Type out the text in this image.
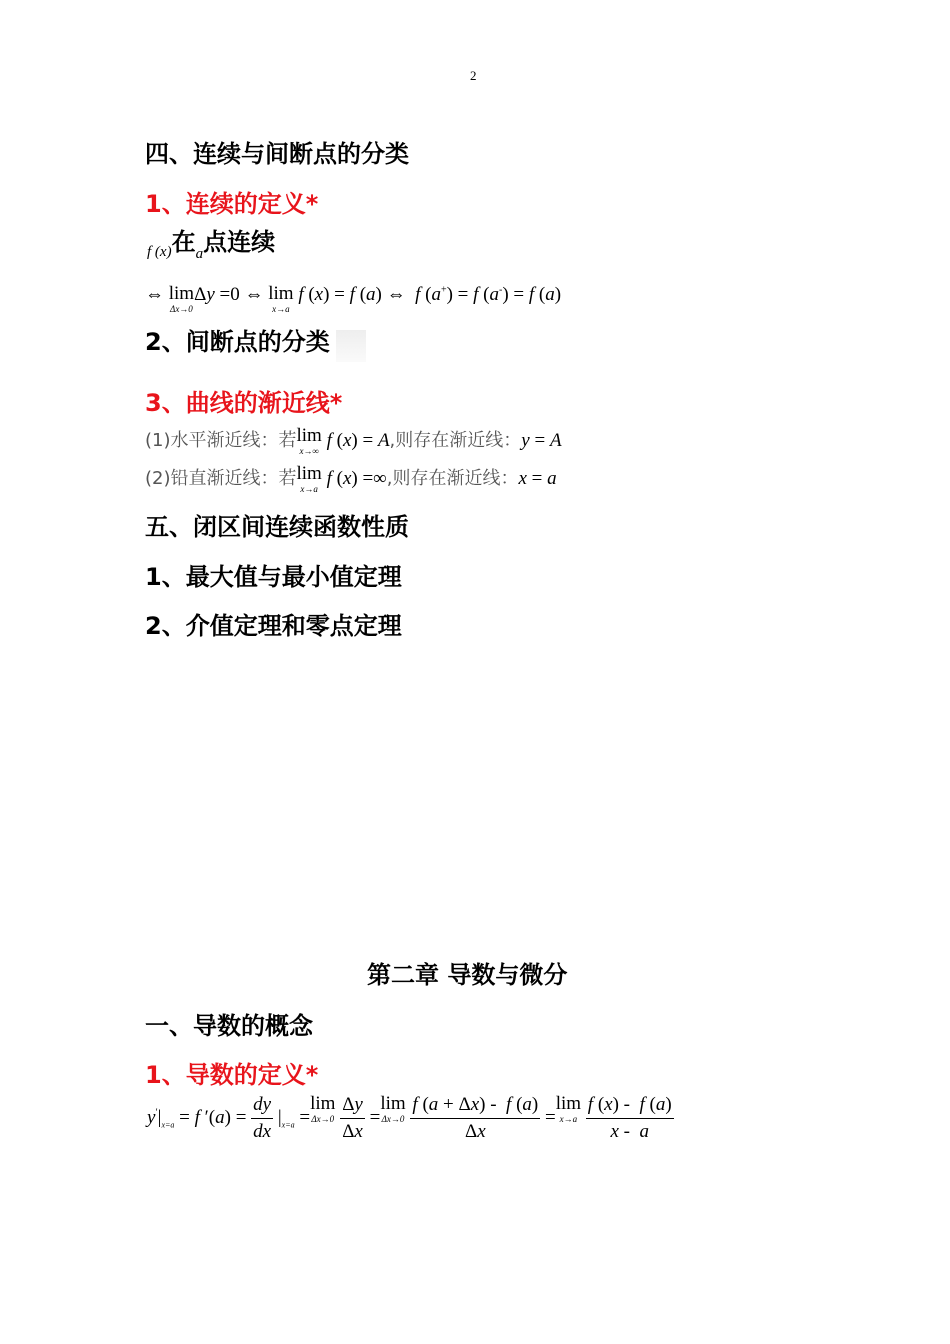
2
四、连续与间断点的分类
1、连续的定义*
f (x)在a点连续
⇔ lim
Δx→0
Δy =0 ⇔ lim
x→a
f (x) = f (a) ⇔  f (a+) = f (a-) = f (a)
2、间断点的分类
3、曲线的渐近线*
(1)水平渐近线：若lim
x→∞ f (x) = A,则存在渐近线：y = A
(2)铅直渐近线：若lim
x→a f (x) =∞,则存在渐近线：x = a
五、闭区间连续函数性质
1、最大值与最小值定理
2、介值定理和零点定理
第二章 导数与微分
一、导数的概念
1、导数的定义*
$y'|_{x=a} = f$ $'(a) = \frac{dy}{dx} |_{x=a} =\lim$
Δx→0
$\frac{\Delta y}{\Delta x} =\lim$
Δx→0
$\frac{f (a + \Delta x) - f (a)}{\Delta x} =\lim$
x→a
$\frac{f (x) - f (a)}{x - a}$
